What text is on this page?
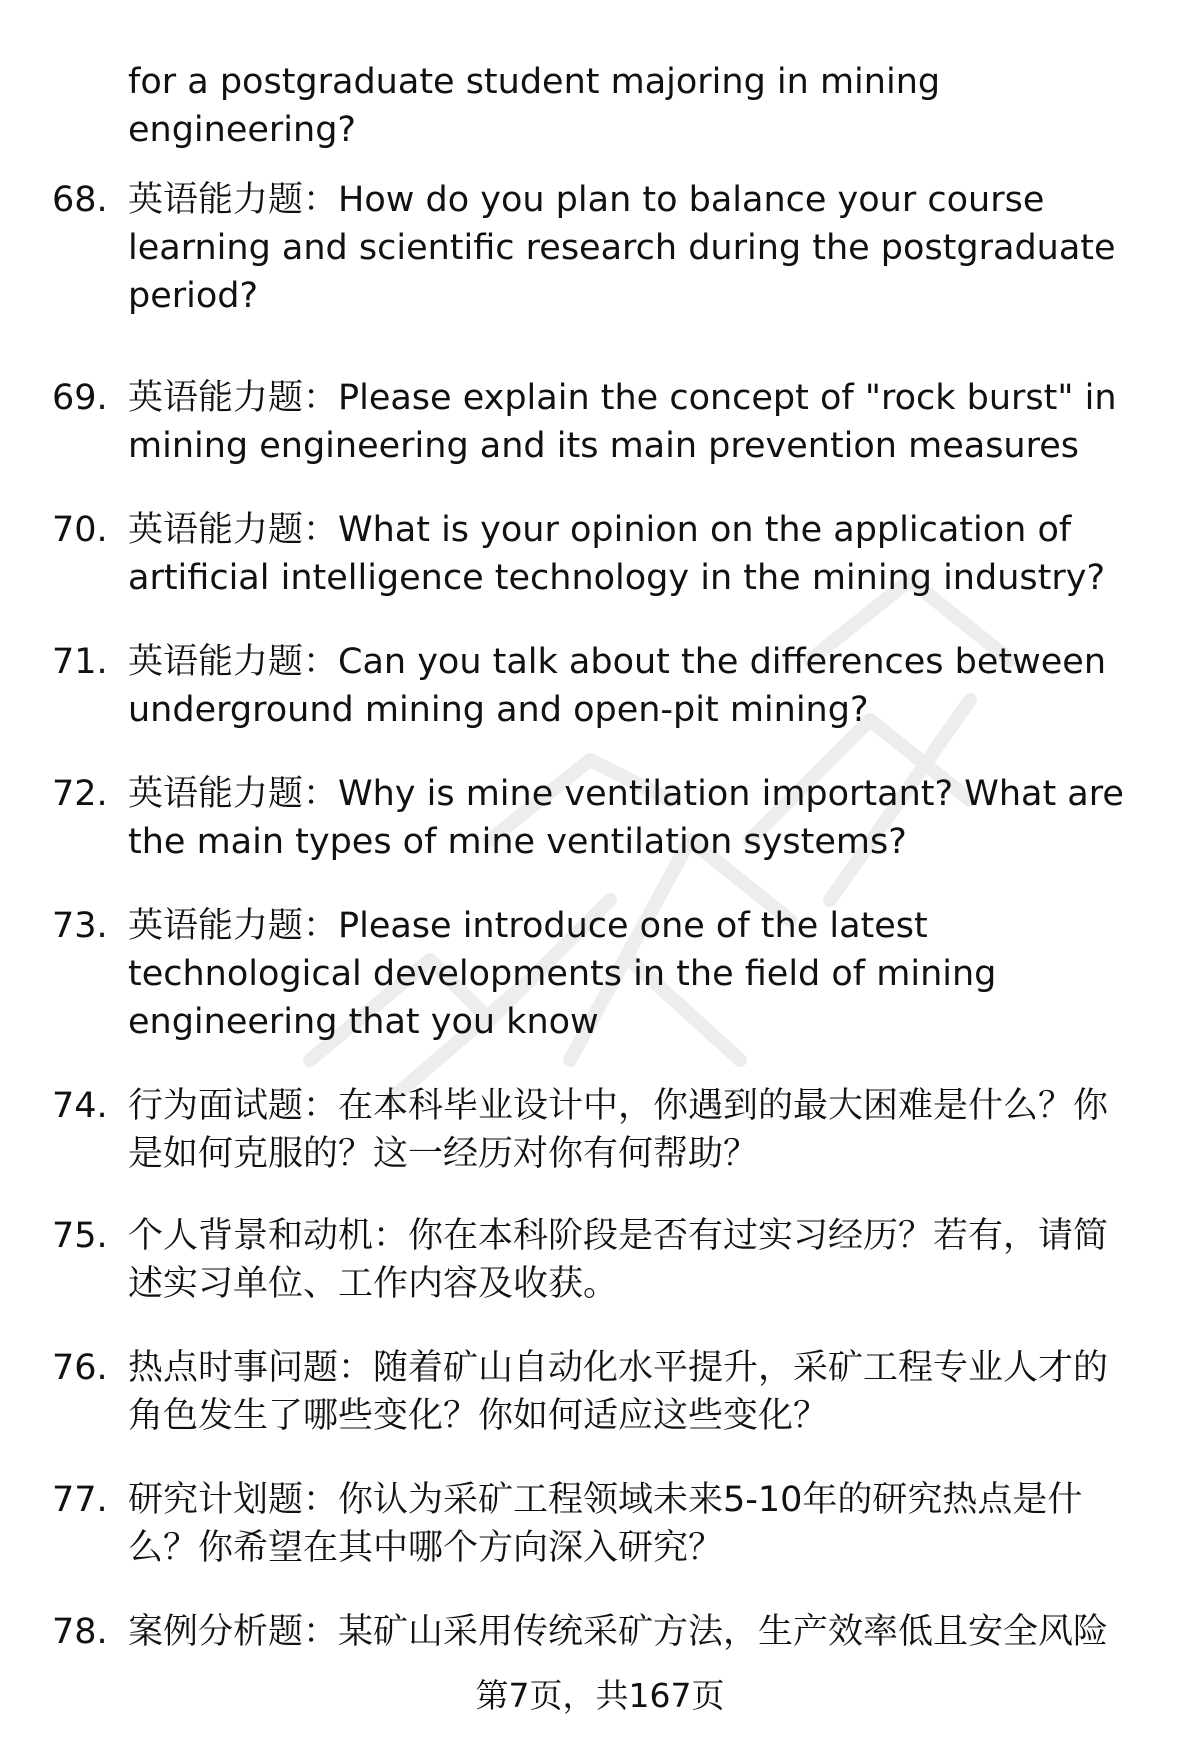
for a postgraduate student majoring in mining engineering?
68. 英语能力题：How do you plan to balance your course learning and scientific research during the postgraduate period?
69. 英语能力题：Please explain the concept of "rock burst" in mining engineering and its main prevention measures
70. 英语能力题：What is your opinion on the application of artificial intelligence technology in the mining industry?
71. 英语能力题：Can you talk about the differences between underground mining and open-pit mining?
72. 英语能力题：Why is mine ventilation important? What are the main types of mine ventilation systems?
73. 英语能力题：Please introduce one of the latest technological developments in the field of mining engineering that you know
74. 行为面试题：在本科毕业设计中，你遇到的最大困难是什么？你是如何克服的？这一经历对你有何帮助？
75. 个人背景和动机：你在本科阶段是否有过实习经历？若有，请简述实习单位、工作内容及收获。
76. 热点时事问题：随着矿山自动化水平提升，采矿工程专业人才的角色发生了哪些变化？你如何适应这些变化？
77. 研究计划题：你认为采矿工程领域未来5-10年的研究热点是什么？你希望在其中哪个方向深入研究？
78. 案例分析题：某矿山采用传统采矿方法，生产效率低且安全风险
第7页，共167页
